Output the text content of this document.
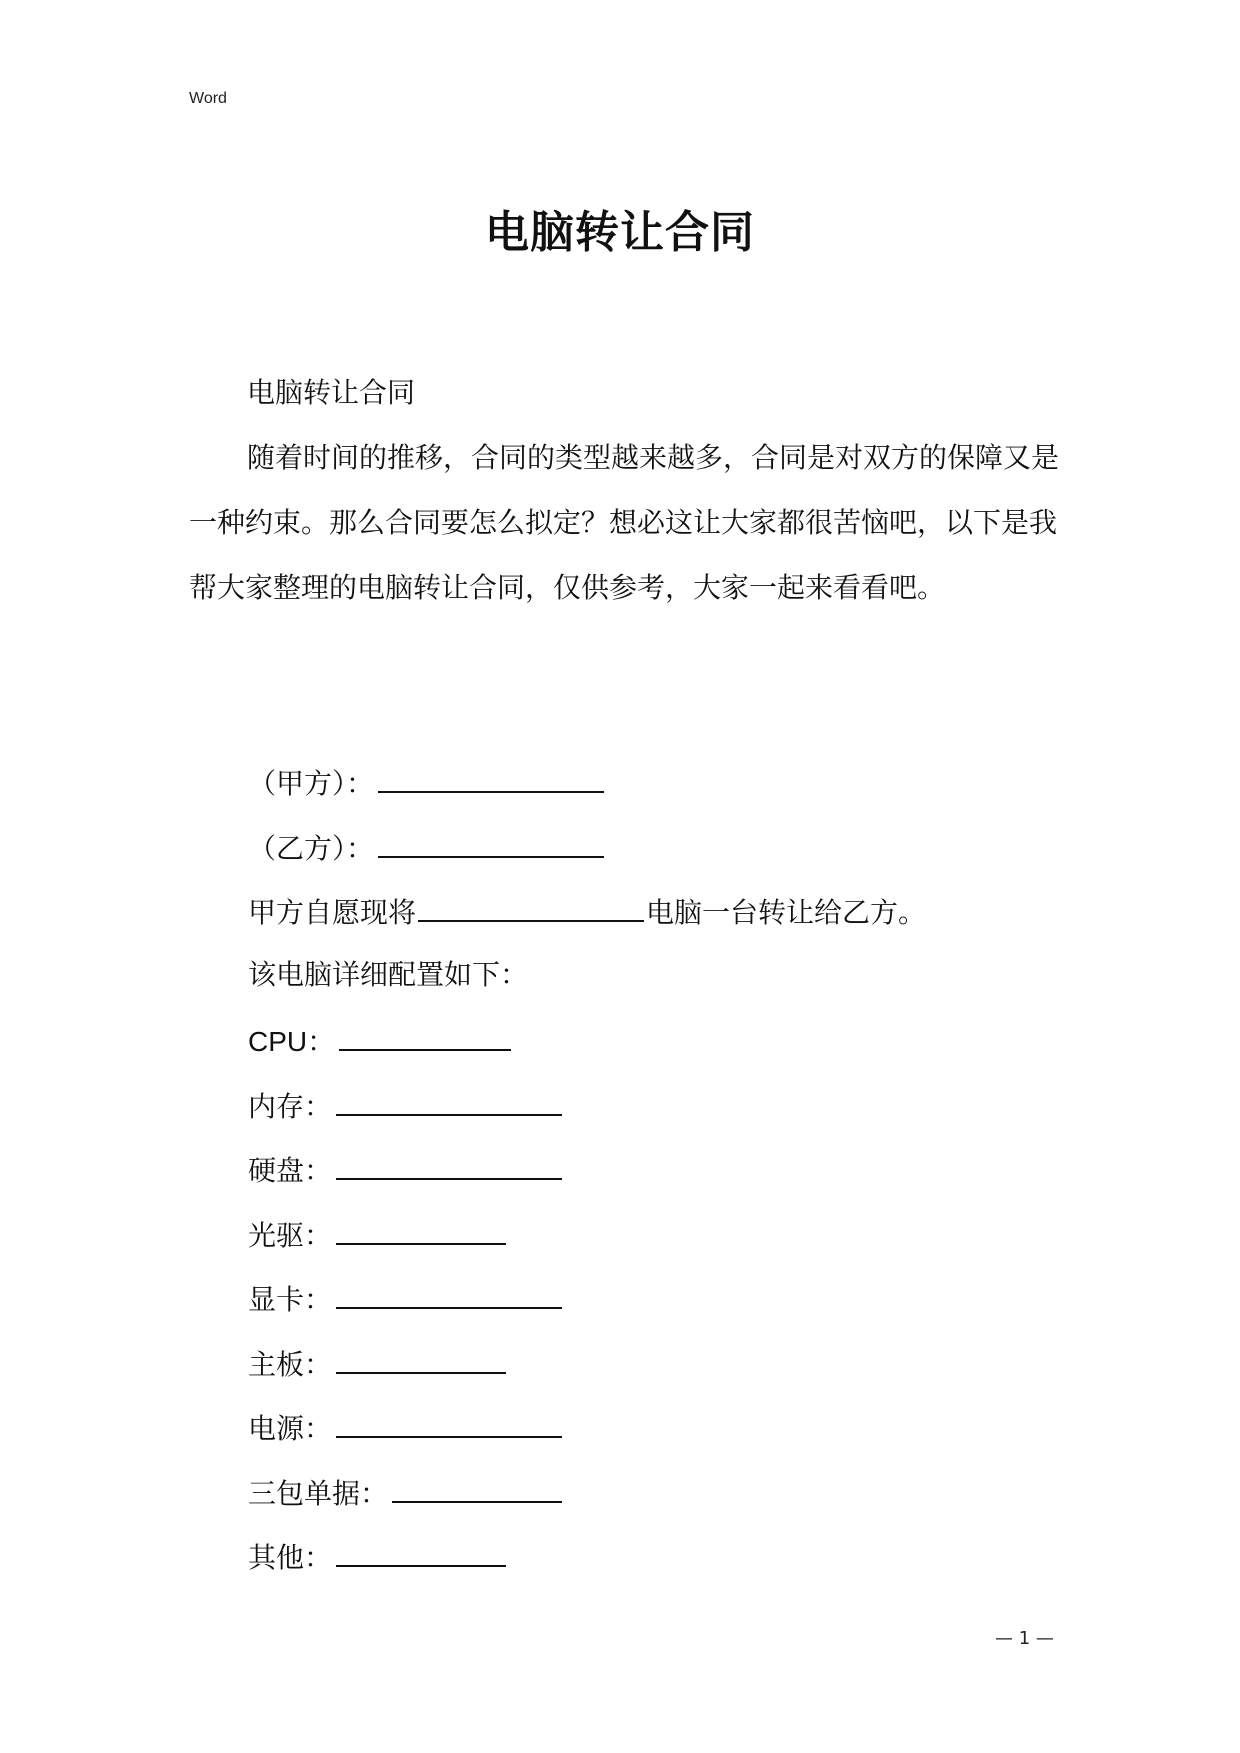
Word
电脑转让合同
电脑转让合同
随着时间的推移，合同的类型越来越多，合同是对双方的保障又是一种约束。那么合同要怎么拟定？想必这让大家都很苦恼吧，以下是我帮大家整理的电脑转让合同，仅供参考，大家一起来看看吧。
（甲方）：
（乙方）：
甲方自愿现将	电脑一台转让给乙方。
该电脑详细配置如下：
CPU：
内存：
硬盘：
光驱：
显卡：
主板：
电源：
三包单据：
其他：
— 1 —
